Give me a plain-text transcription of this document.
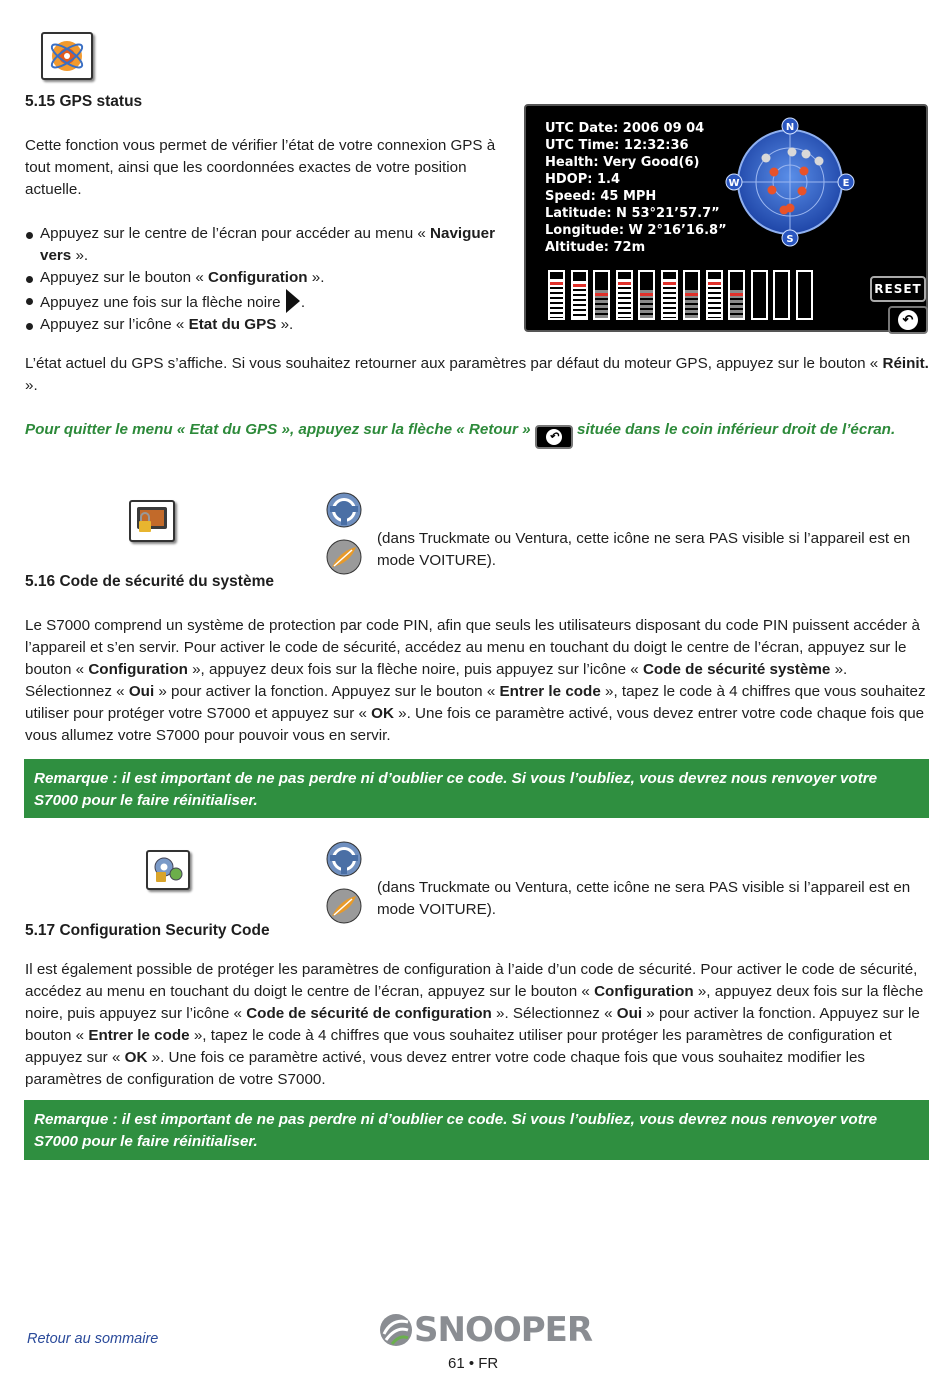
5.15 GPS status

Cette fonction vous permet de vérifier l’état de votre connexion GPS à tout moment, ainsi que les coordonnées exactes de votre position actuelle.

Appuyez sur le centre de l’écran pour accéder au menu « Naviguer vers ».
Appuyez sur le bouton « Configuration ».
Appuyez une fois sur la flèche noire .
Appuyez sur l’icône « Etat du GPS ».
UTC Date: 2006 09 04
UTC Time: 12:32:36
Health: Very Good(6)
HDOP: 1.4
Speed: 45 MPH
Latitude: N 53°21’57.7”
Longitude: W 2°16’16.8”
Altitude: 72m
N
S
W	E
RESET
↶

L’état actuel du GPS s’affiche. Si vous souhaitez retourner aux paramètres par défaut du moteur GPS, appuyez sur le bouton « Réinit. ».

Pour quitter le menu « Etat du GPS », appuyez sur la flèche « Retour »	↶ située dans le coin inférieur droit de l’écran.

(dans Truckmate ou Ventura, cette icône ne sera PAS visible si l’appareil est en mode VOITURE).

5.16 Code de sécurité du système

Le S7000 comprend un système de protection par code PIN, afin que seuls les utilisateurs disposant du code PIN puissent accéder à l’appareil et s’en servir. Pour activer le code de sécurité, accédez au menu en touchant du doigt le centre de l’écran, appuyez sur le bouton « Configuration », appuyez deux fois sur la flèche noire, puis appuyez sur l’icône « Code de sécurité système ». Sélectionnez « Oui » pour activer la fonction. Appuyez sur le bouton « Entrer le code », tapez le code à 4 chiffres que vous souhaitez utiliser pour protéger votre S7000 et appuyez sur « OK ». Une fois ce paramètre activé, vous devez entrer votre code chaque fois que vous allumez votre S7000 pour pouvoir vous en servir.

Remarque : il est important de ne pas perdre ni d’oublier ce code. Si vous l’oubliez, vous devrez nous renvoyer votre S7000 pour le faire réinitialiser.

(dans Truckmate ou Ventura, cette icône ne sera PAS visible si l’appareil est en mode VOITURE).

5.17 Configuration Security Code

Il est également possible de protéger les paramètres de configuration à l’aide d’un code de sécurité. Pour activer le code de sécurité, accédez au menu en touchant du doigt le centre de l’écran, appuyez sur le bouton « Configuration », appuyez deux fois sur la flèche noire, puis appuyez sur l’icône « Code de sécurité de configuration ». Sélectionnez « Oui » pour activer la fonction. Appuyez sur le bouton « Entrer le code », tapez le code à 4 chiffres que vous souhaitez utiliser pour protéger les paramètres de configuration et appuyez sur « OK ». Une fois ce paramètre activé, vous devez entrer votre code chaque fois que vous souhaitez modifier les paramètres de configuration de votre S7000.

Remarque : il est important de ne pas perdre ni d’oublier ce code. Si vous l’oubliez, vous devrez nous renvoyer votre S7000 pour le faire réinitialiser.
Retour au sommaire	SNOOPER
61 • FR
